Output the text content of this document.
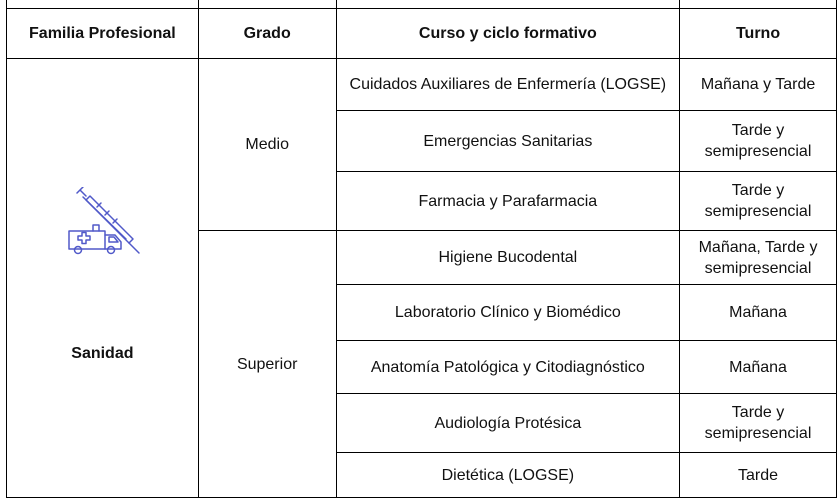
Familia Profesional	Grado	Curso y ciclo formativo	Turno

Sanidad	Medio	Cuidados Auxiliares de Enfermería (LOGSE)	Mañana y Tarde
		Emergencias Sanitarias	Tarde y semipresencial
		Farmacia y Parafarmacia	Tarde y semipresencial
	Superior	Higiene Bucodental	Mañana, Tarde y semipresencial
		Laboratorio Clínico y Biomédico	Mañana
		Anatomía Patológica y Citodiagnóstico	Mañana
		Audiología Protésica	Tarde y semipresencial
		Dietética (LOGSE)	Tarde
